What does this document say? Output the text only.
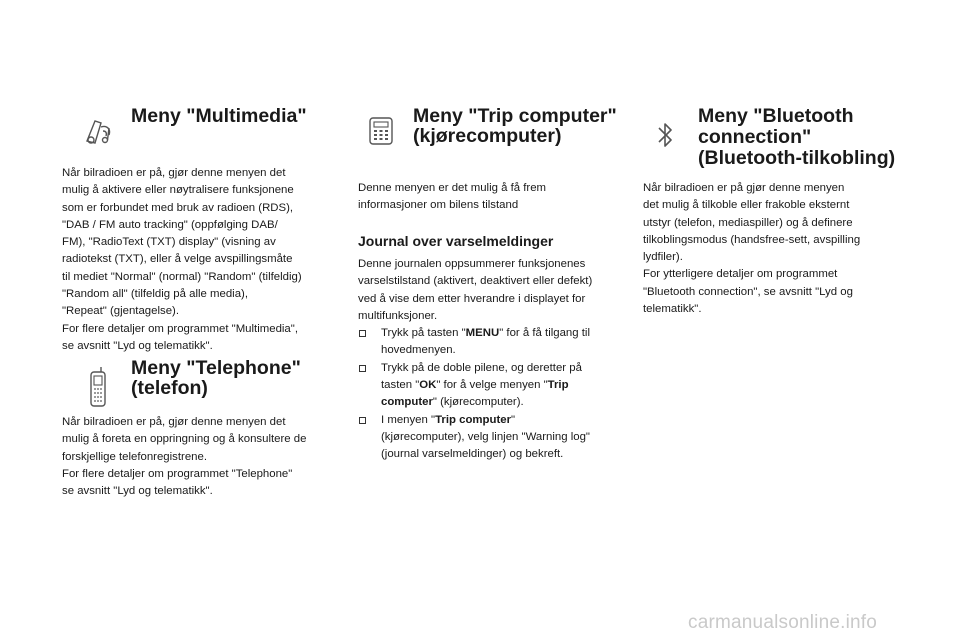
Meny "Multimedia"

Når bilradioen er på, gjør denne menyen det

mulig å aktivere eller nøytralisere funksjonene

som er forbundet med bruk av radioen (RDS),

"DAB / FM auto tracking" (oppfølging DAB/

FM), "RadioText (TXT) display" (visning av

radiotekst (TXT), eller å velge avspillingsmåte

til mediet "Normal" (normal) "Random" (tilfeldig)

"Random all" (tilfeldig på alle media),

"Repeat" (gjentagelse).

For flere detaljer om programmet "Multimedia",

se avsnitt "Lyd og telematikk".

Meny "Telephone"
(telefon)

Når bilradioen er på, gjør denne menyen det

mulig å foreta en oppringning og å konsultere de

forskjellige telefonregistrene.

For flere detaljer om programmet "Telephone"

se avsnitt "Lyd og telematikk".

Meny "Trip computer"
(kjørecomputer)

Denne menyen er det mulig å få frem

informasjoner om bilens tilstand

Journal over varselmeldinger

Denne journalen oppsummerer funksjonenes

varselstilstand (aktivert, deaktivert eller defekt)

ved å vise dem etter hverandre i displayet for

multifunksjoner.

Trykk på tasten "MENU" for å få tilgang til
hovedmenyen.
Trykk på de doble pilene, og deretter på
tasten "OK" for å velge menyen "Trip
computer" (kjørecomputer).
I menyen "Trip computer"
(kjørecomputer), velg linjen "Warning log"
(journal varselmeldinger) og bekreft.
Meny "Bluetooth
connection"
(Bluetooth-tilkobling)

Når bilradioen er på gjør denne menyen

det mulig å tilkoble eller frakoble eksternt

utstyr (telefon, mediaspiller) og å definere

tilkoblingsmodus (handsfree-sett, avspilling

lydfiler).

For ytterligere detaljer om programmet

"Bluetooth connection", se avsnitt "Lyd og

telematikk".

carmanualsonline.info
